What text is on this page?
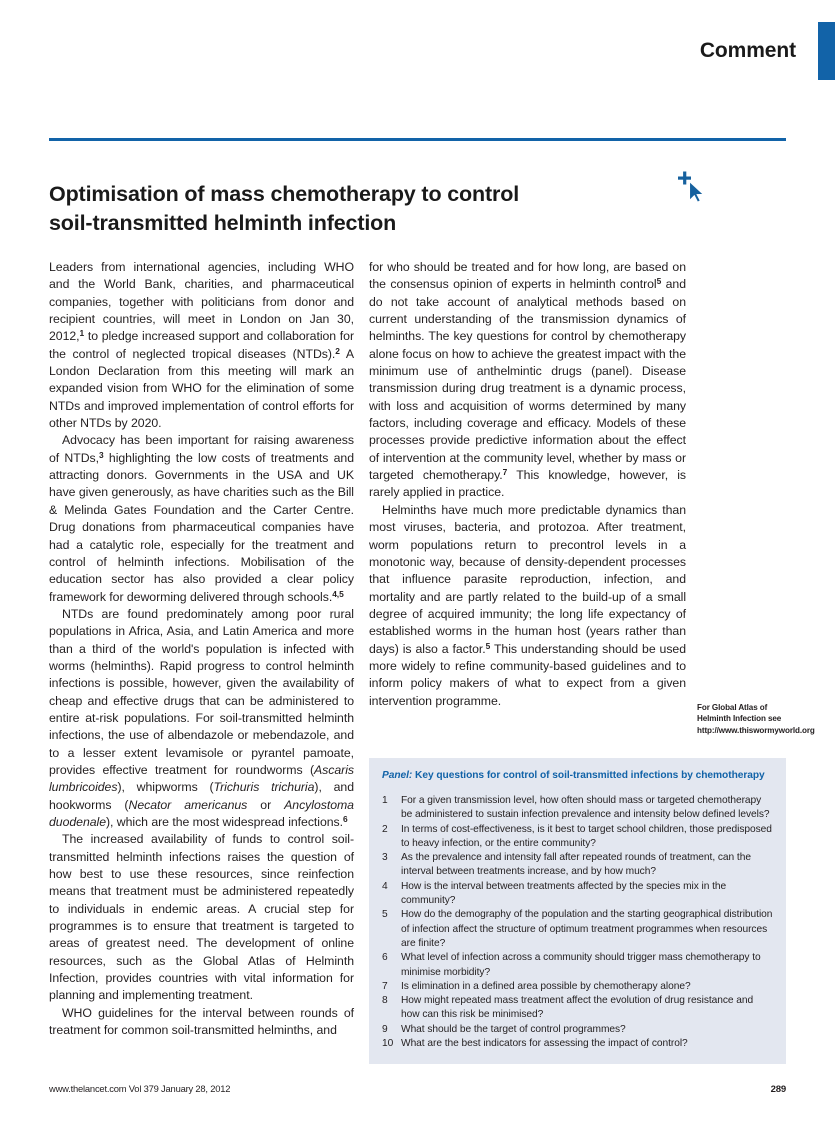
Comment
Optimisation of mass chemotherapy to control
soil-transmitted helminth infection

Leaders from international agencies, including WHO and the World Bank, charities, and pharmaceutical companies, together with politicians from donor and recipient countries, will meet in London on Jan 30, 2012,$^1$ to pledge increased support and collaboration for the control of neglected tropical diseases (NTDs).$^2$ A London Declaration from this meeting will mark an expanded vision from WHO for the elimination of some NTDs and improved implementation of control efforts for other NTDs by 2020.

Advocacy has been important for raising awareness of NTDs,$^3$ highlighting the low costs of treatments and attracting donors. Governments in the USA and UK have given generously, as have charities such as the Bill & Melinda Gates Foundation and the Carter Centre. Drug donations from pharmaceutical companies have had a catalytic role, especially for the treatment and control of helminth infections. Mobilisation of the education sector has also provided a clear policy framework for deworming delivered through schools.$^{4,5}$

NTDs are found predominately among poor rural populations in Africa, Asia, and Latin America and more than a third of the world's population is infected with worms (helminths). Rapid progress to control helminth infections is possible, however, given the availability of cheap and effective drugs that can be administered to entire at-risk populations. For soil-transmitted helminth infections, the use of albendazole or mebendazole, and to a lesser extent levamisole or pyrantel pamoate, provides effective treatment for roundworms (Ascaris lumbricoides), whipworms (Trichuris trichuria), and hookworms (Necator americanus or Ancylostoma duodenale), which are the most widespread infections.$^6$

The increased availability of funds to control soil-transmitted helminth infections raises the question of how best to use these resources, since reinfection means that treatment must be administered repeatedly to individuals in endemic areas. A crucial step for programmes is to ensure that treatment is targeted to areas of greatest need. The development of online resources, such as the Global Atlas of Helminth Infection, provides countries with vital information for planning and implementing treatment.

WHO guidelines for the interval between rounds of treatment for common soil-transmitted helminths, and

for who should be treated and for how long, are based on the consensus opinion of experts in helminth control$^5$ and do not take account of analytical methods based on current understanding of the transmission dynamics of helminths. The key questions for control by chemotherapy alone focus on how to achieve the greatest impact with the minimum use of anthelmintic drugs (panel). Disease transmission during drug treatment is a dynamic process, with loss and acquisition of worms determined by many factors, including coverage and efficacy. Models of these processes provide predictive information about the effect of intervention at the community level, whether by mass or targeted chemotherapy.$^7$ This knowledge, however, is rarely applied in practice.

Helminths have much more predictable dynamics than most viruses, bacteria, and protozoa. After treatment, worm populations return to precontrol levels in a monotonic way, because of density-dependent processes that influence parasite reproduction, infection, and mortality and are partly related to the build-up of a small degree of acquired immunity; the long life expectancy of established worms in the human host (years rather than days) is also a factor.$^5$ This understanding should be used more widely to refine community-based guidelines and to inform policy makers of what to expect from a given intervention programme.	For Global Atlas of Helminth Infection see http://www.thiswormyworld.org
Panel: Key questions for control of soil-transmitted infections by chemotherapy
1	For a given transmission level, how often should mass or targeted chemotherapy be administered to sustain infection prevalence and intensity below defined levels?
2	In terms of cost-effectiveness, is it best to target school children, those predisposed to heavy infection, or the entire community?
3	As the prevalence and intensity fall after repeated rounds of treatment, can the interval between treatments increase, and by how much?
4	How is the interval between treatments affected by the species mix in the community?
5	How do the demography of the population and the starting geographical distribution of infection affect the structure of optimum treatment programmes when resources are finite?
6	What level of infection across a community should trigger mass chemotherapy to minimise morbidity?
7	Is elimination in a defined area possible by chemotherapy alone?
8	How might repeated mass treatment affect the evolution of drug resistance and how can this risk be minimised?
9	What should be the target of control programmes?
10 What are the best indicators for assessing the impact of control?
www.thelancet.com Vol 379 January 28, 2012	289
